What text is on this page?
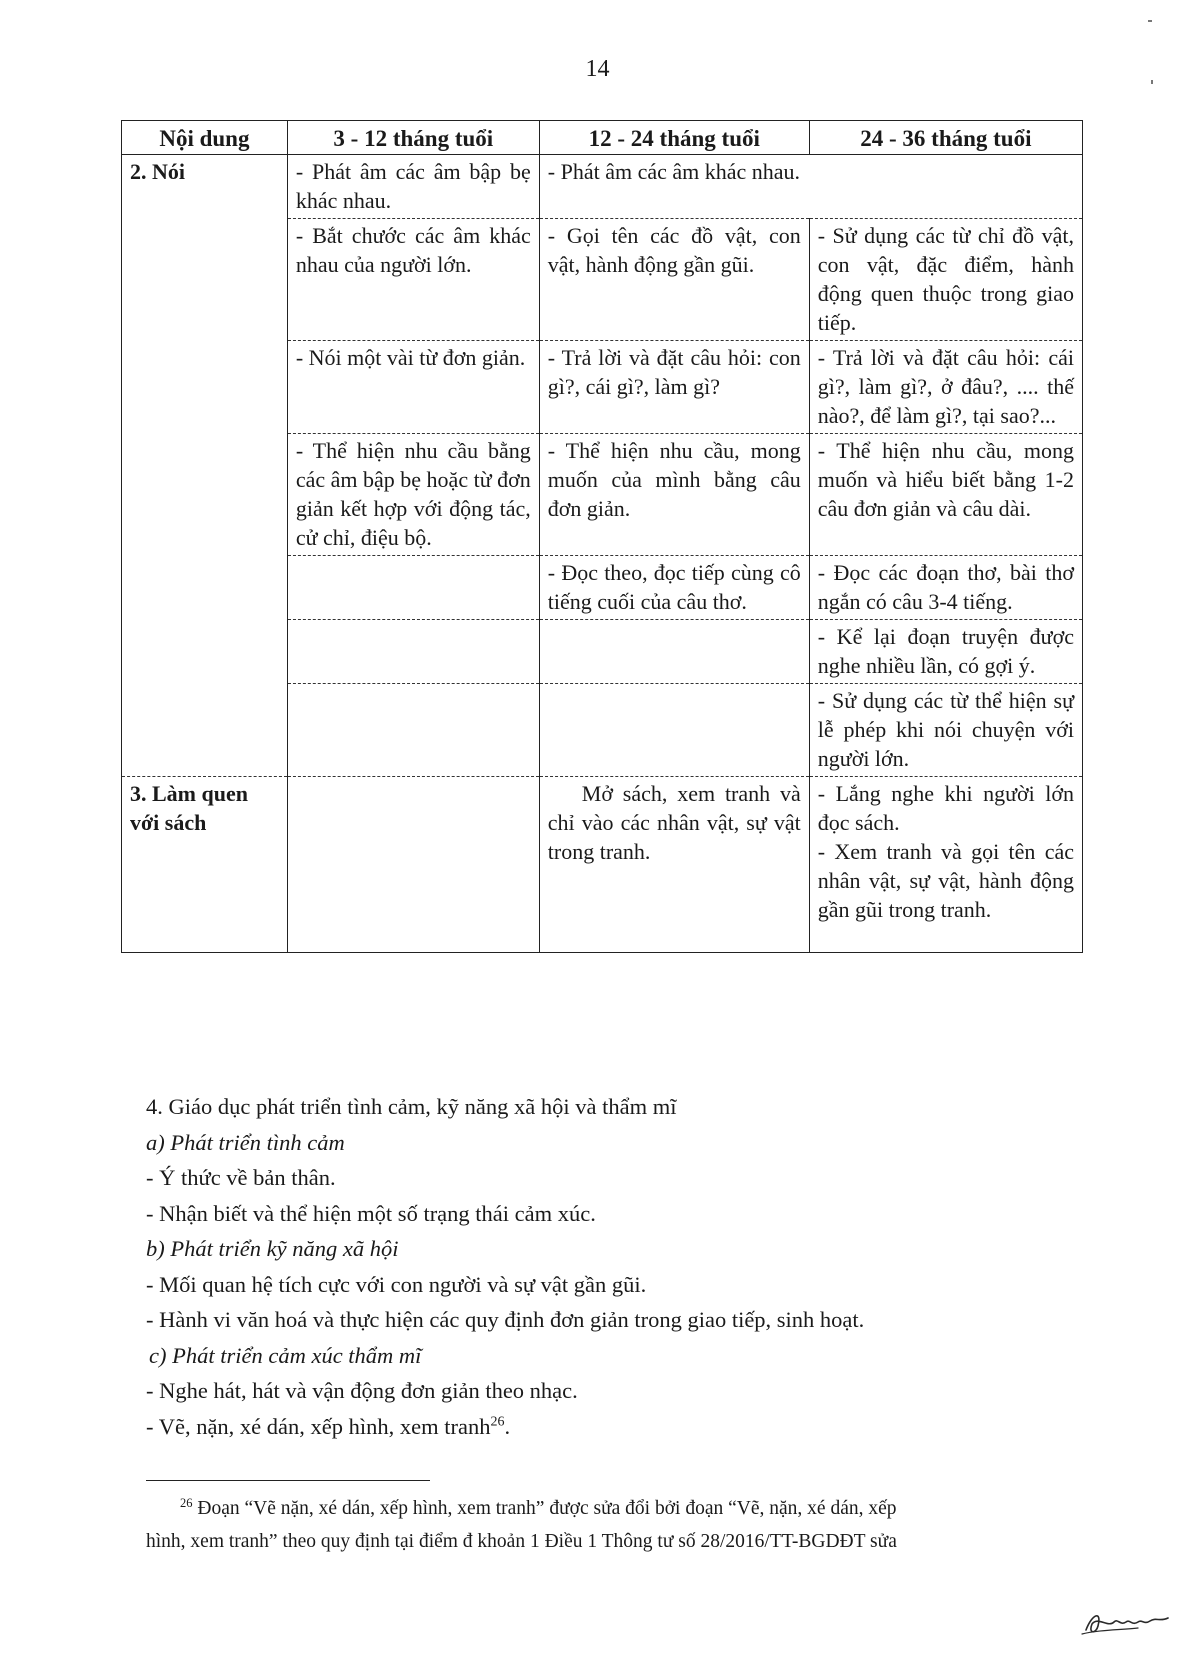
14
Nội dung	3 - 12 tháng tuổi	12 - 24 tháng tuổi	24 - 36 tháng tuổi
2. Nói	- Phát âm các âm bập bẹ khác nhau.	- Phát âm các âm khác nhau.	
	- Bắt chước các âm khác nhau của người lớn.	- Gọi tên các đồ vật, con vật, hành động gần gũi.	- Sử dụng các từ chỉ đồ vật, con vật, đặc điểm, hành động quen thuộc trong giao tiếp.
	- Nói một vài từ đơn giản.	- Trả lời và đặt câu hỏi: con gì?, cái gì?, làm gì?	- Trả lời và đặt câu hỏi: cái gì?, làm gì?, ở đâu?, .... thế nào?, để làm gì?, tại sao?...
	- Thể hiện nhu cầu bằng các âm bập bẹ hoặc từ đơn giản kết hợp với động tác, cử chỉ, điệu bộ.	- Thể hiện nhu cầu, mong muốn của mình bằng câu đơn giản.	- Thể hiện nhu cầu, mong muốn và hiểu biết bằng 1-2 câu đơn giản và câu dài.
		- Đọc theo, đọc tiếp cùng cô tiếng cuối của câu thơ.	- Đọc các đoạn thơ, bài thơ ngắn có câu 3-4 tiếng.
			- Kể lại đoạn truyện được nghe nhiều lần, có gợi ý.
			- Sử dụng các từ thể hiện sự lễ phép khi nói chuyện với người lớn.
3. Làm quen với sách		Mở sách, xem tranh và chỉ vào các nhân vật, sự vật trong tranh.	- Lắng nghe khi người lớn đọc sách.
- Xem tranh và gọi tên các nhân vật, sự vật, hành động gần gũi trong tranh.
4. Giáo dục phát triển tình cảm, kỹ năng xã hội và thẩm mĩ
a) Phát triển tình cảm
- Ý thức về bản thân.
- Nhận biết và thể hiện một số trạng thái cảm xúc.
b) Phát triển kỹ năng xã hội
- Mối quan hệ tích cực với con người và sự vật gần gũi.
- Hành vi văn hoá và thực hiện các quy định đơn giản trong giao tiếp, sinh hoạt.
c) Phát triển cảm xúc thẩm mĩ
- Nghe hát, hát và vận động đơn giản theo nhạc.
- Vẽ, nặn, xé dán, xếp hình, xem tranh$^{26}$.
$^{26}$ Đoạn “Vẽ nặn, xé dán, xếp hình, xem tranh” được sửa đổi bởi đoạn “Vẽ, nặn, xé dán, xếp
hình, xem tranh” theo quy định tại điểm đ khoản 1 Điều 1 Thông tư số 28/2016/TT-BGDĐT sửa
